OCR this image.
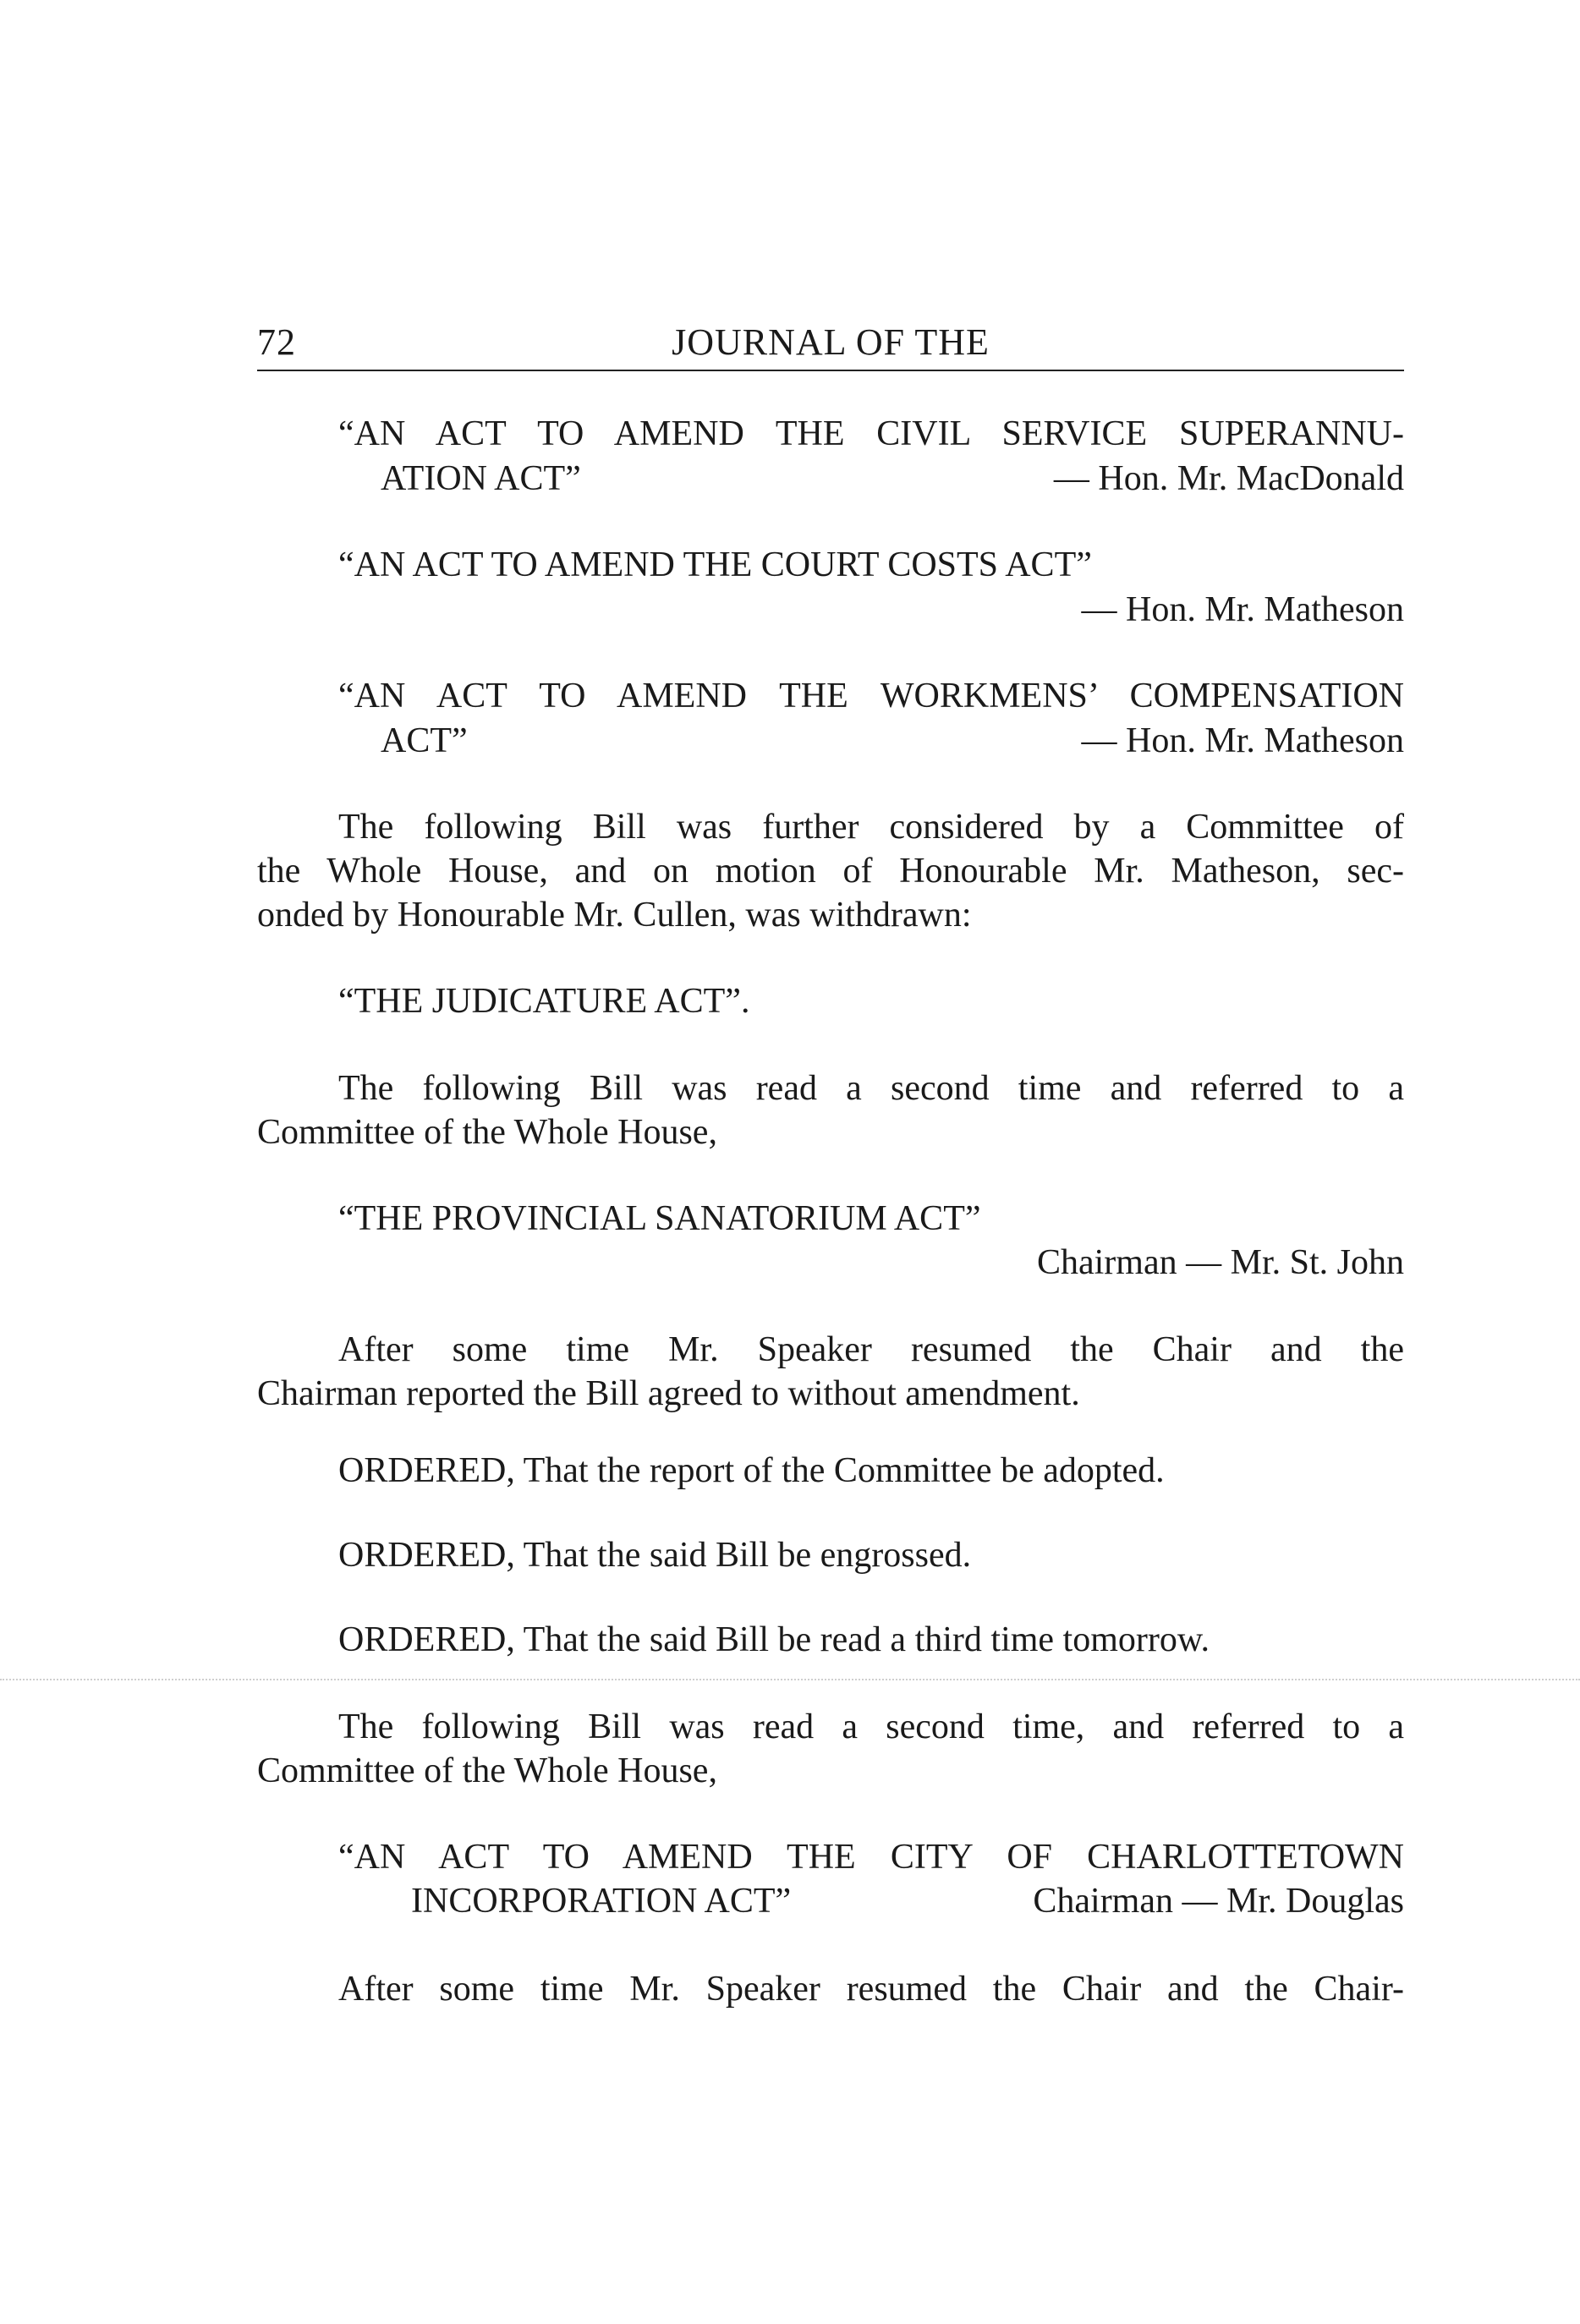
72	JOURNAL OF THE
“AN ACT TO AMEND THE CIVIL SERVICE SUPERANNU-
ATION ACT”	— Hon. Mr. MacDonald
“AN ACT TO AMEND THE COURT COSTS ACT”
— Hon. Mr. Matheson
“AN ACT TO AMEND THE WORKMENS’ COMPENSATION
ACT”	— Hon. Mr. Matheson
The following Bill was further considered by a Committee of
the Whole House, and on motion of Honourable Mr. Matheson, sec-
onded by Honourable Mr. Cullen, was withdrawn:
“THE JUDICATURE ACT”.
The following Bill was read a second time and referred to a
Committee of the Whole House,
“THE PROVINCIAL SANATORIUM ACT”
Chairman — Mr. St. John
After some time Mr. Speaker resumed the Chair and the
Chairman reported the Bill agreed to without amendment.
ORDERED, That the report of the Committee be adopted.
ORDERED, That the said Bill be engrossed.
ORDERED, That the said Bill be read a third time tomorrow.
The following Bill was read a second time, and referred to a
Committee of the Whole House,
“AN ACT TO AMEND THE CITY OF CHARLOTTETOWN
INCORPORATION ACT”	Chairman — Mr. Douglas
After some time Mr. Speaker resumed the Chair and the Chair-
